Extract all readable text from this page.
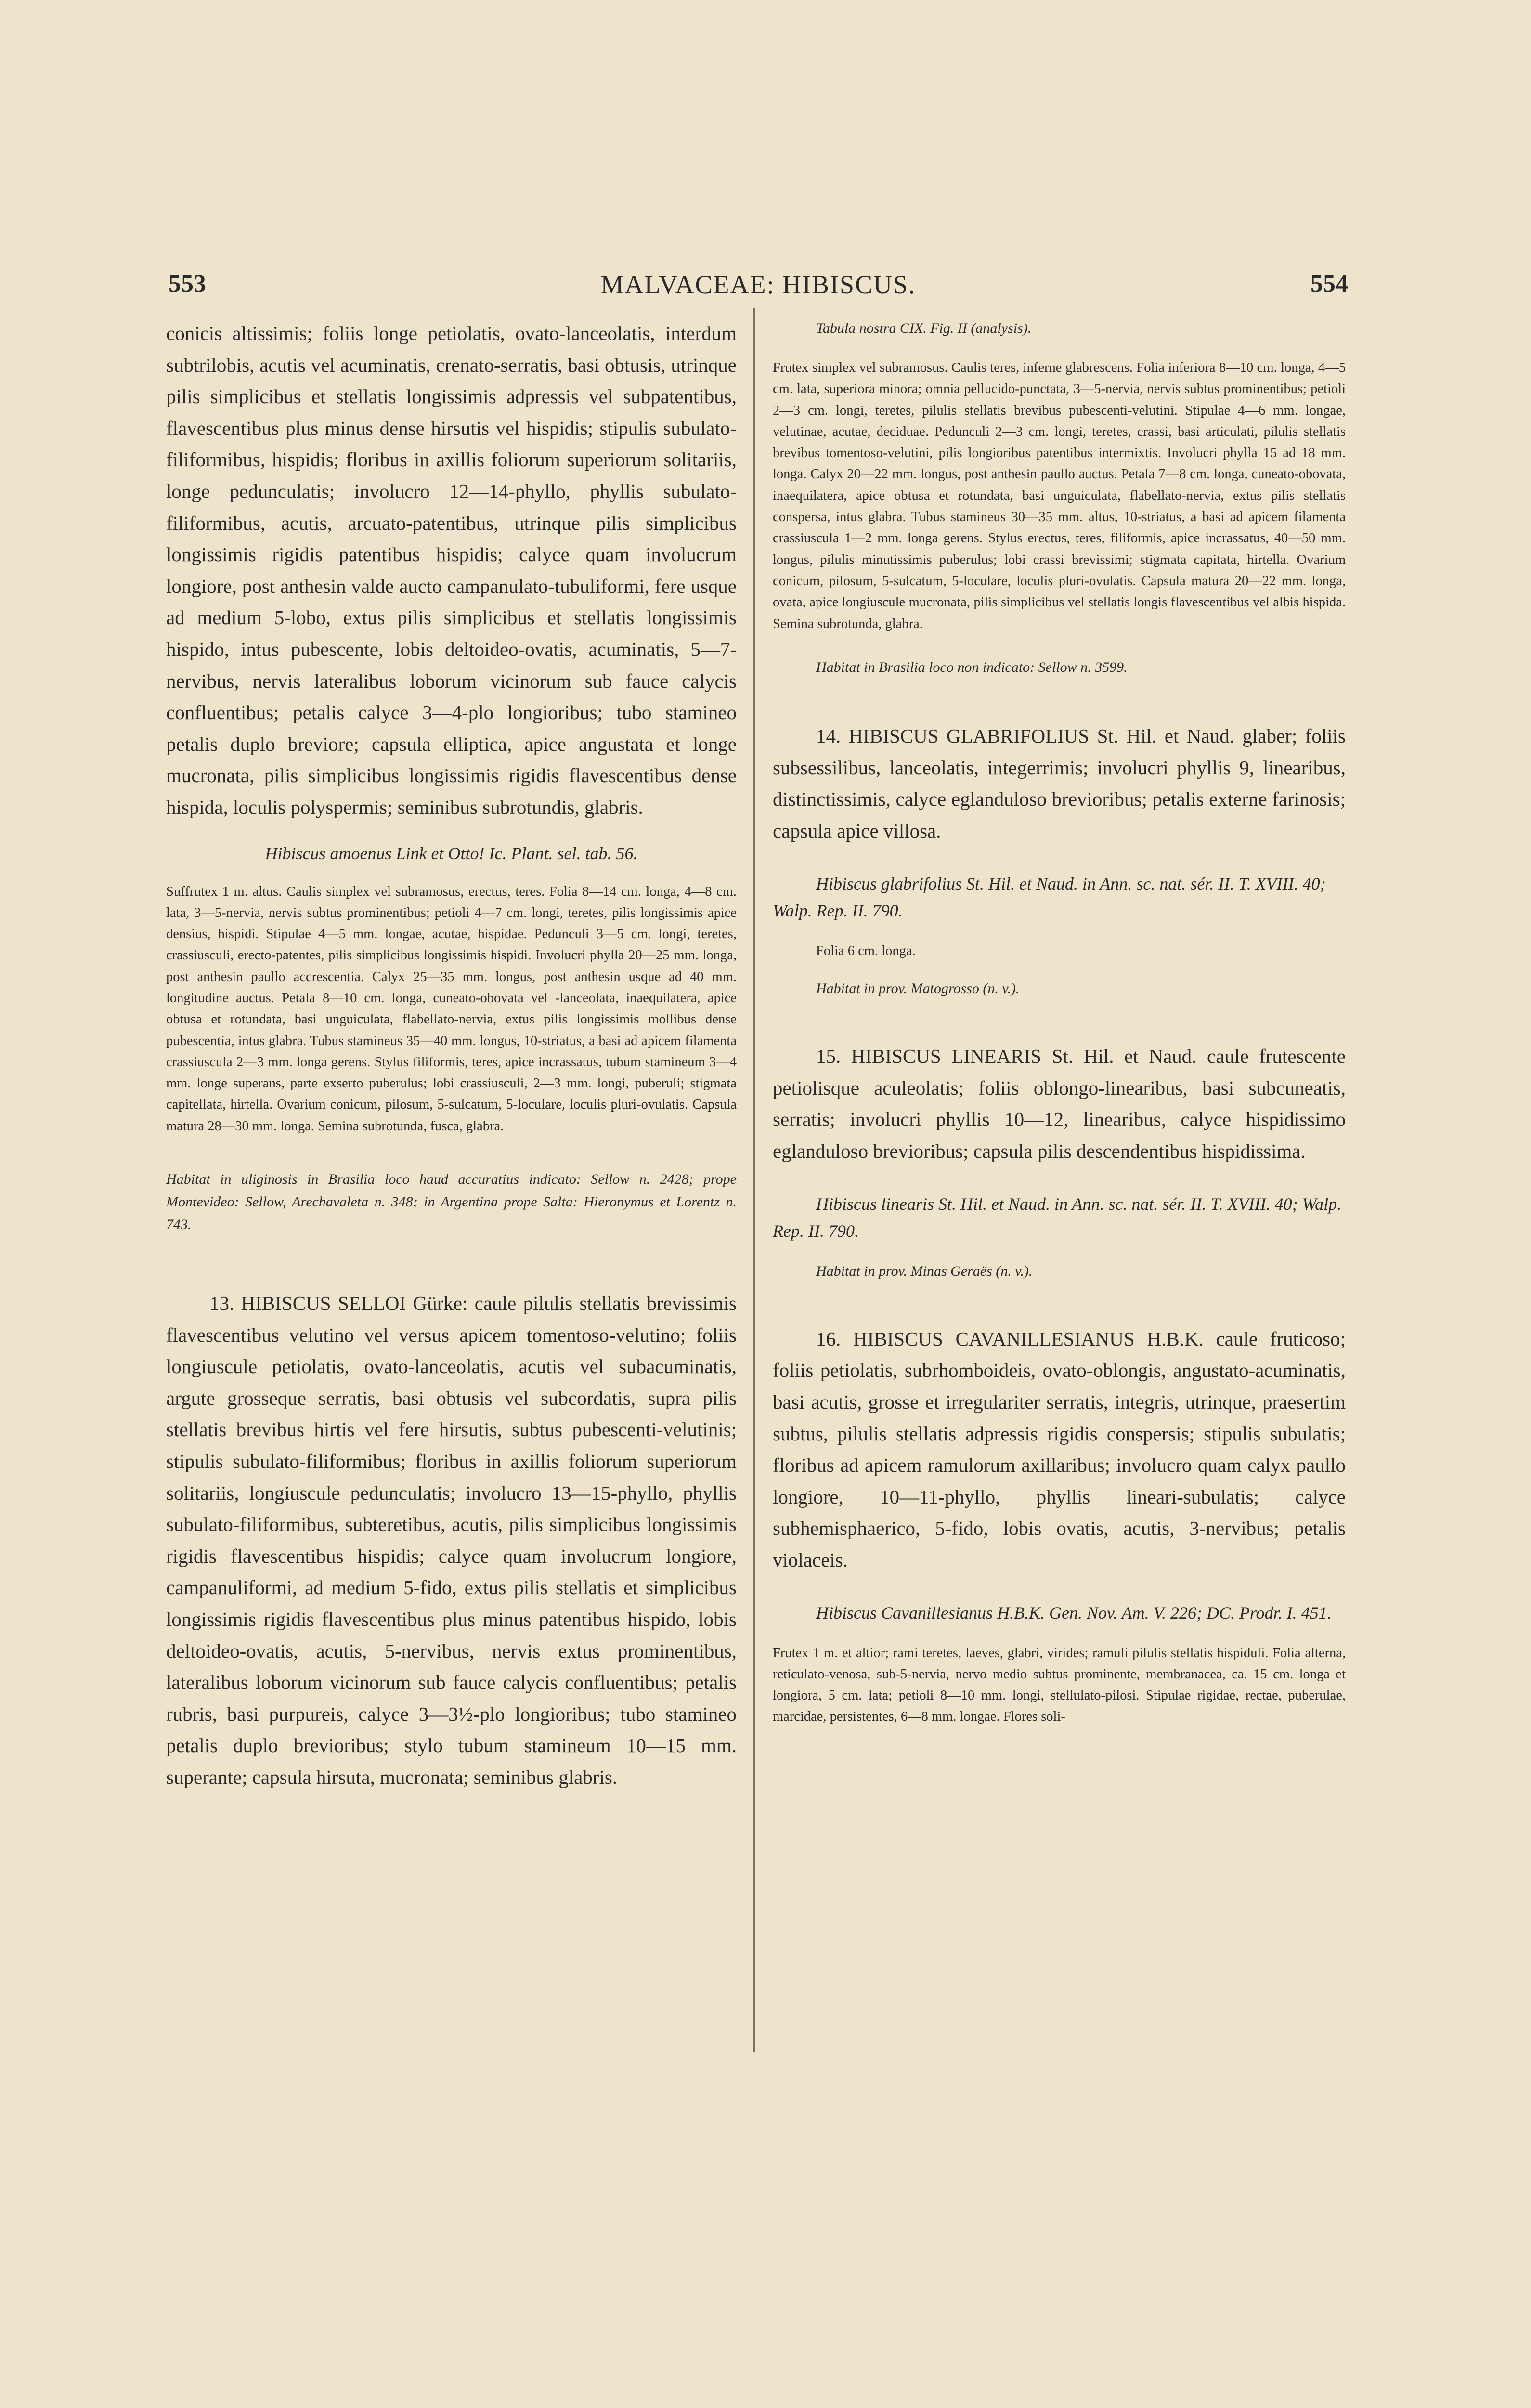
553	MALVACEAE: HIBISCUS.	554

conicis altissimis; foliis longe petiolatis, ovato-lanceolatis, interdum subtrilobis, acutis vel acuminatis, crenato-serratis, basi obtusis, utrinque pilis simplicibus et stellatis longissimis adpressis vel subpatentibus, flavescentibus plus minus dense hirsutis vel hispidis; stipulis subulato-filiformibus, hispidis; floribus in axillis foliorum superiorum solitariis, longe pedunculatis; involucro 12—14-phyllo, phyllis subulato-filiformibus, acutis, arcuato-patentibus, utrinque pilis simplicibus longissimis rigidis patentibus hispidis; calyce quam involucrum longiore, post anthesin valde aucto campanulato-tubuliformi, fere usque ad medium 5-lobo, extus pilis simplicibus et stellatis longissimis hispido, intus pubescente, lobis deltoideo-ovatis, acuminatis, 5—7-nervibus, nervis lateralibus loborum vicinorum sub fauce calycis confluentibus; petalis calyce 3—4-plo longioribus; tubo stamineo petalis duplo breviore; capsula elliptica, apice angustata et longe mucronata, pilis simplicibus longissimis rigidis flavescentibus dense hispida, loculis polyspermis; seminibus subrotundis, glabris.

Hibiscus amoenus Link et Otto! Ic. Plant. sel. tab. 56.

Suffrutex 1 m. altus. Caulis simplex vel subramosus, erectus, teres. Folia 8—14 cm. longa, 4—8 cm. lata, 3—5-nervia, nervis subtus prominentibus; petioli 4—7 cm. longi, teretes, pilis longissimis apice densius, hispidi. Stipulae 4—5 mm. longae, acutae, hispidae. Pedunculi 3—5 cm. longi, teretes, crassiusculi, erecto-patentes, pilis simplicibus longissimis hispidi. Involucri phylla 20—25 mm. longa, post anthesin paullo accrescentia. Calyx 25—35 mm. longus, post anthesin usque ad 40 mm. longitudine auctus. Petala 8—10 cm. longa, cuneato-obovata vel -lanceolata, inaequilatera, apice obtusa et rotundata, basi unguiculata, flabellato-nervia, extus pilis longissimis mollibus dense pubescentia, intus glabra. Tubus stamineus 35—40 mm. longus, 10-striatus, a basi ad apicem filamenta crassiuscula 2—3 mm. longa gerens. Stylus filiformis, teres, apice incrassatus, tubum stamineum 3—4 mm. longe superans, parte exserto puberulus; lobi crassiusculi, 2—3 mm. longi, puberuli; stigmata capitellata, hirtella. Ovarium conicum, pilosum, 5-sulcatum, 5-loculare, loculis pluri-ovulatis. Capsula matura 28—30 mm. longa. Semina subrotunda, fusca, glabra.

Habitat in uliginosis in Brasilia loco haud accuratius indicato: Sellow n. 2428; prope Montevideo: Sellow, Arechavaleta n. 348; in Argentina prope Salta: Hieronymus et Lorentz n. 743.

13. HIBISCUS SELLOI Gürke: caule pilulis stellatis brevissimis flavescentibus velutino vel versus apicem tomentoso-velutino; foliis longiuscule petiolatis, ovato-lanceolatis, acutis vel subacuminatis, argute grosseque serratis, basi obtusis vel subcordatis, supra pilis stellatis brevibus hirtis vel fere hirsutis, subtus pubescenti-velutinis; stipulis subulato-filiformibus; floribus in axillis foliorum superiorum solitariis, longiuscule pedunculatis; involucro 13—15-phyllo, phyllis subulato-filiformibus, subteretibus, acutis, pilis simplicibus longissimis rigidis flavescentibus hispidis; calyce quam involucrum longiore, campanuliformi, ad medium 5-fido, extus pilis stellatis et simplicibus longissimis rigidis flavescentibus plus minus patentibus hispido, lobis deltoideo-ovatis, acutis, 5-nervibus, nervis extus prominentibus, lateralibus loborum vicinorum sub fauce calycis confluentibus; petalis rubris, basi purpureis, calyce 3—3½-plo longioribus; tubo stamineo petalis duplo brevioribus; stylo tubum stamineum 10—15 mm. superante; capsula hirsuta, mucronata; seminibus glabris.

Tabula nostra CIX. Fig. II (analysis).

Frutex simplex vel subramosus. Caulis teres, inferne glabrescens. Folia inferiora 8—10 cm. longa, 4—5 cm. lata, superiora minora; omnia pellucido-punctata, 3—5-nervia, nervis subtus prominentibus; petioli 2—3 cm. longi, teretes, pilulis stellatis brevibus pubescenti-velutini. Stipulae 4—6 mm. longae, velutinae, acutae, deciduae. Pedunculi 2—3 cm. longi, teretes, crassi, basi articulati, pilulis stellatis brevibus tomentoso-velutini, pilis longioribus patentibus intermixtis. Involucri phylla 15 ad 18 mm. longa. Calyx 20—22 mm. longus, post anthesin paullo auctus. Petala 7—8 cm. longa, cuneato-obovata, inaequilatera, apice obtusa et rotundata, basi unguiculata, flabellato-nervia, extus pilis stellatis conspersa, intus glabra. Tubus stamineus 30—35 mm. altus, 10-striatus, a basi ad apicem filamenta crassiuscula 1—2 mm. longa gerens. Stylus erectus, teres, filiformis, apice incrassatus, 40—50 mm. longus, pilulis minutissimis puberulus; lobi crassi brevissimi; stigmata capitata, hirtella. Ovarium conicum, pilosum, 5-sulcatum, 5-loculare, loculis pluri-ovulatis. Capsula matura 20—22 mm. longa, ovata, apice longiuscule mucronata, pilis simplicibus vel stellatis longis flavescentibus vel albis hispida. Semina subrotunda, glabra.

Habitat in Brasilia loco non indicato: Sellow n. 3599.

14. HIBISCUS GLABRIFOLIUS St. Hil. et Naud. glaber; foliis subsessilibus, lanceolatis, integerrimis; involucri phyllis 9, linearibus, distinctissimis, calyce eglanduloso brevioribus; petalis externe farinosis; capsula apice villosa.

Hibiscus glabrifolius St. Hil. et Naud. in Ann. sc. nat. sér. II. T. XVIII. 40; Walp. Rep. II. 790.

Folia 6 cm. longa.

Habitat in prov. Matogrosso (n. v.).

15. HIBISCUS LINEARIS St. Hil. et Naud. caule frutescente petiolisque aculeolatis; foliis oblongo-linearibus, basi subcuneatis, serratis; involucri phyllis 10—12, linearibus, calyce hispidissimo eglanduloso brevioribus; capsula pilis descendentibus hispidissima.

Hibiscus linearis St. Hil. et Naud. in Ann. sc. nat. sér. II. T. XVIII. 40; Walp. Rep. II. 790.

Habitat in prov. Minas Geraës (n. v.).

16. HIBISCUS CAVANILLESIANUS H.B.K. caule fruticoso; foliis petiolatis, subrhomboideis, ovato-oblongis, angustato-acuminatis, basi acutis, grosse et irregulariter serratis, integris, utrinque, praesertim subtus, pilulis stellatis adpressis rigidis conspersis; stipulis subulatis; floribus ad apicem ramulorum axillaribus; involucro quam calyx paullo longiore, 10—11-phyllo, phyllis lineari-subulatis; calyce subhemisphaerico, 5-fido, lobis ovatis, acutis, 3-nervibus; petalis violaceis.

Hibiscus Cavanillesianus H.B.K. Gen. Nov. Am. V. 226; DC. Prodr. I. 451.

Frutex 1 m. et altior; rami teretes, laeves, glabri, virides; ramuli pilulis stellatis hispiduli. Folia alterna, reticulato-venosa, sub-5-nervia, nervo medio subtus prominente, membranacea, ca. 15 cm. longa et longiora, 5 cm. lata; petioli 8—10 mm. longi, stellulato-pilosi. Stipulae rigidae, rectae, puberulae, marcidae, persistentes, 6—8 mm. longae. Flores soli-
